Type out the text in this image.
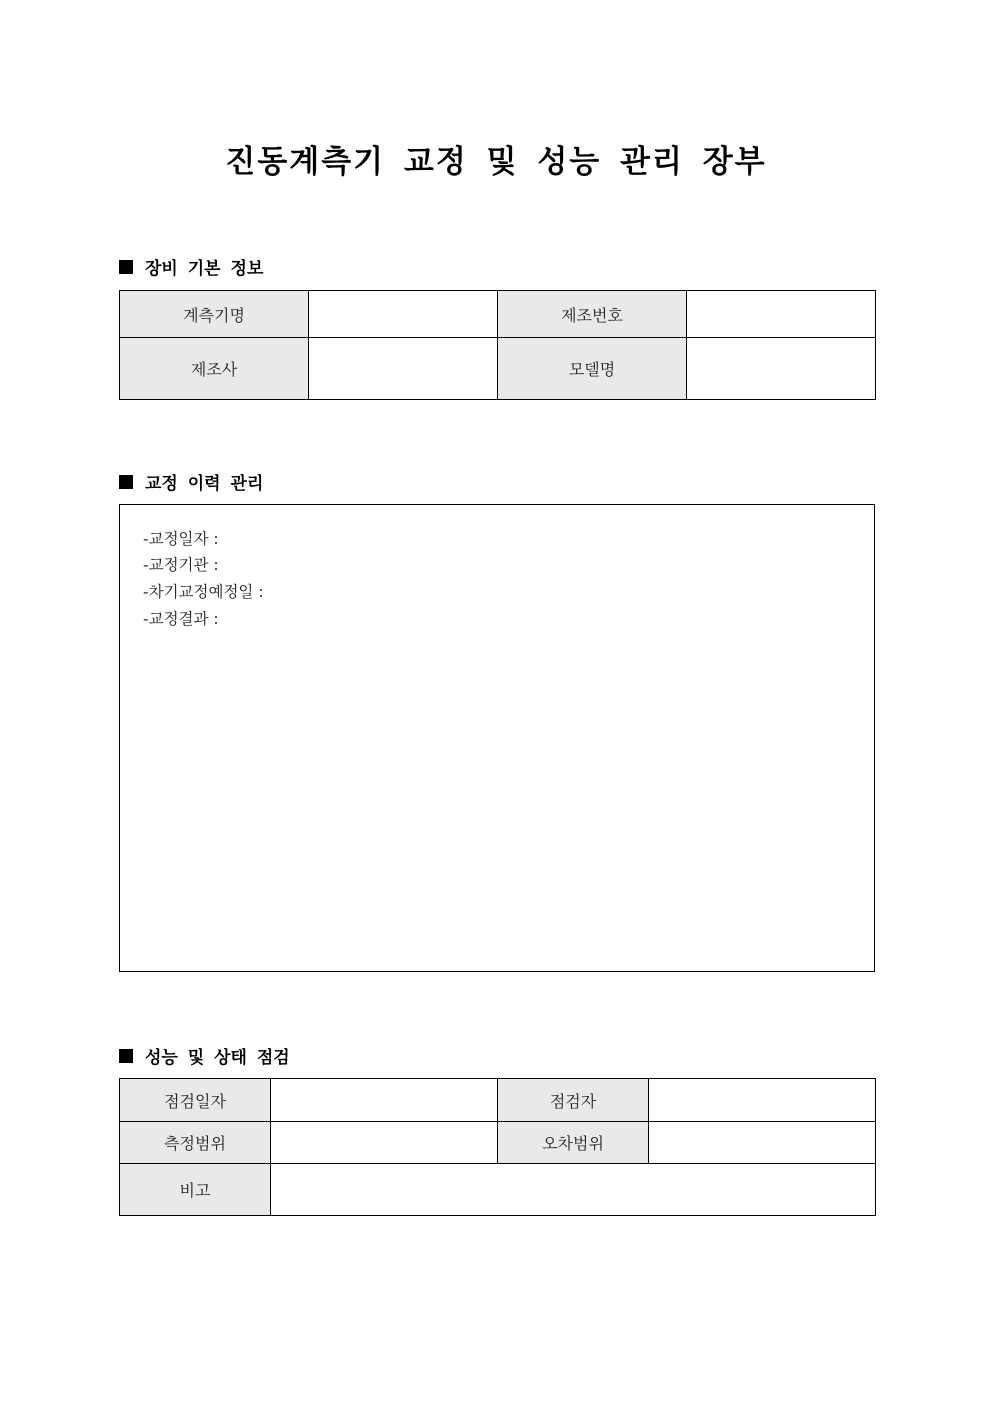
진동계측기 교정 및 성능 관리 장부
장비 기본 정보
계측기명		제조번호	
제조사		모델명	
교정 이력 관리
-교정일자 :
-교정기관 :
-차기교정예정일 :
-교정결과 :
성능 및 상태 점검
점검일자		점검자	
측정범위		오차범위	
비고			
